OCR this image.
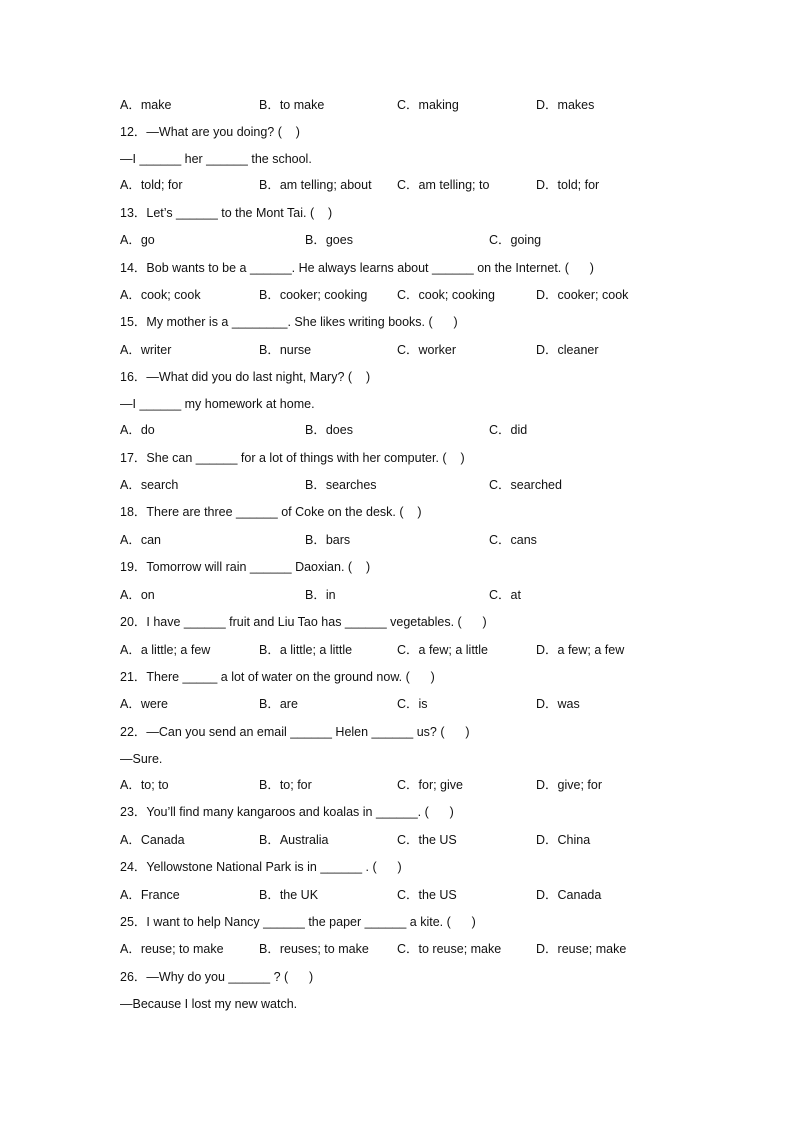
A．make	B．to make	C．making	D．makes
12．—What are you doing? (    )
—I ______ her ______ the school.
A．told; for	B．am telling; about C．am telling; to	D．told; for
13．Let’s ______ to the Mont Tai. (    )
A．go	B．goes	C．going
14．Bob wants to be a ______. He always learns about ______ on the Internet. (      )
A．cook; cook	B．cooker; cooking C．cook; cooking	D．cooker; cook
15．My mother is a ________. She likes writing books. (      )
A．writer	B．nurse	C．worker	D．cleaner
16．—What did you do last night, Mary? (    )
—I ______ my homework at home.
A．do	B．does	C．did
17．She can ______ for a lot of things with her computer. (    )
A．search	B．searches	C．searched
18．There are three ______ of Coke on the desk. (    )
A．can	B．bars	C．cans
19．Tomorrow will rain ______ Daoxian. (    )
A．on	B．in	C．at
20．I have ______ fruit and Liu Tao has ______ vegetables. (      )
A．a little; a few	B．a little; a little	C．a few; a little	D．a few; a few
21．There _____ a lot of water on the ground now. (      )
A．were	B．are	C．is	D．was
22．—Can you send an email ______ Helen ______ us? (      )
—Sure.
A．to; to	B．to; for	C．for; give	D．give; for
23．You’ll find many kangaroos and koalas in ______. (      )
A．Canada	B．Australia	C．the US	D．China
24．Yellowstone National Park is in ______ . (      )
A．France	B．the UK	C．the US	D．Canada
25．I want to help Nancy ______ the paper ______ a kite. (      )
A．reuse; to make	B．reuses; to make C．to reuse; make	D．reuse; make
26．—Why do you ______ ? (      )
—Because I lost my new watch.
